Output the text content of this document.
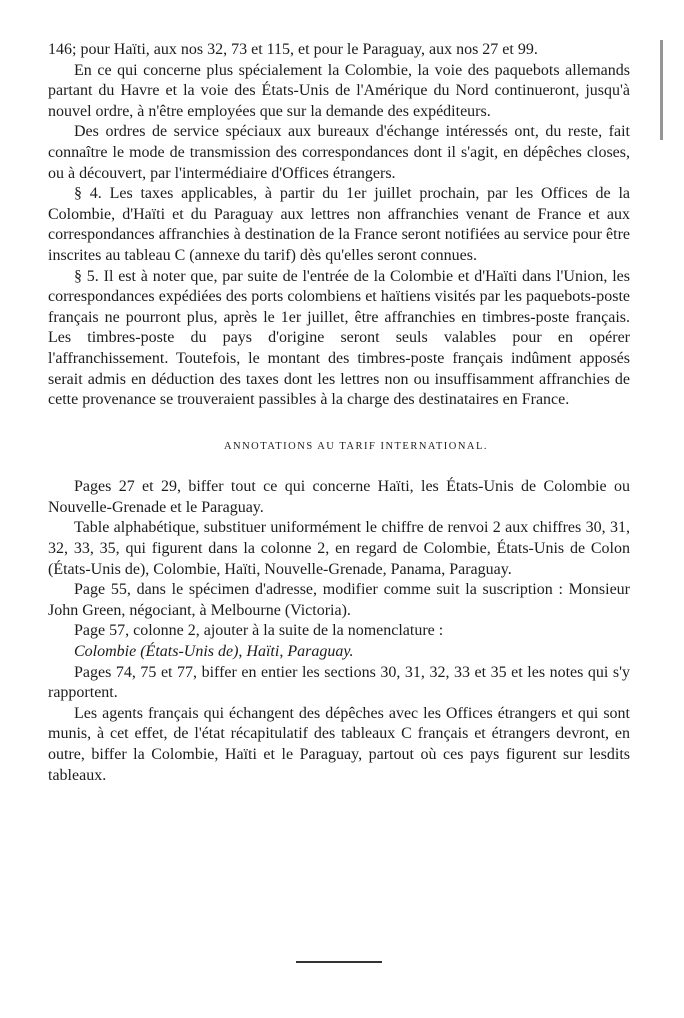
146; pour Haïti, aux nos 32, 73 et 115, et pour le Paraguay, aux nos 27 et 99.

En ce qui concerne plus spécialement la Colombie, la voie des paquebots allemands partant du Havre et la voie des États-Unis de l'Amérique du Nord continueront, jusqu'à nouvel ordre, à n'être employées que sur la demande des expéditeurs.

Des ordres de service spéciaux aux bureaux d'échange intéressés ont, du reste, fait connaître le mode de transmission des correspondances dont il s'agit, en dépêches closes, ou à découvert, par l'intermédiaire d'Offices étrangers.

§ 4. Les taxes applicables, à partir du 1er juillet prochain, par les Offices de la Colombie, d'Haïti et du Paraguay aux lettres non affranchies venant de France et aux correspondances affranchies à destination de la France seront notifiées au service pour être inscrites au tableau C (annexe du tarif) dès qu'elles seront connues.

§ 5. Il est à noter que, par suite de l'entrée de la Colombie et d'Haïti dans l'Union, les correspondances expédiées des ports colombiens et haïtiens visités par les paquebots-poste français ne pourront plus, après le 1er juillet, être affranchies en timbres-poste français. Les timbres-poste du pays d'origine seront seuls valables pour en opérer l'affranchissement. Toutefois, le montant des timbres-poste français indûment apposés serait admis en déduction des taxes dont les lettres non ou insuffisamment affranchies de cette provenance se trouveraient passibles à la charge des destinataires en France.

ANNOTATIONS AU TARIF INTERNATIONAL.

Pages 27 et 29, biffer tout ce qui concerne Haïti, les États-Unis de Colombie ou Nouvelle-Grenade et le Paraguay.

Table alphabétique, substituer uniformément le chiffre de renvoi 2 aux chiffres 30, 31, 32, 33, 35, qui figurent dans la colonne 2, en regard de Colombie, États-Unis de Colon (États-Unis de), Colombie, Haïti, Nouvelle-Grenade, Panama, Paraguay.

Page 55, dans le spécimen d'adresse, modifier comme suit la suscription : Monsieur John Green, négociant, à Melbourne (Victoria).

Page 57, colonne 2, ajouter à la suite de la nomenclature :

Colombie (États-Unis de), Haïti, Paraguay.

Pages 74, 75 et 77, biffer en entier les sections 30, 31, 32, 33 et 35 et les notes qui s'y rapportent.

Les agents français qui échangent des dépêches avec les Offices étrangers et qui sont munis, à cet effet, de l'état récapitulatif des tableaux C français et étrangers devront, en outre, biffer la Colombie, Haïti et le Paraguay, partout où ces pays figurent sur lesdits tableaux.
